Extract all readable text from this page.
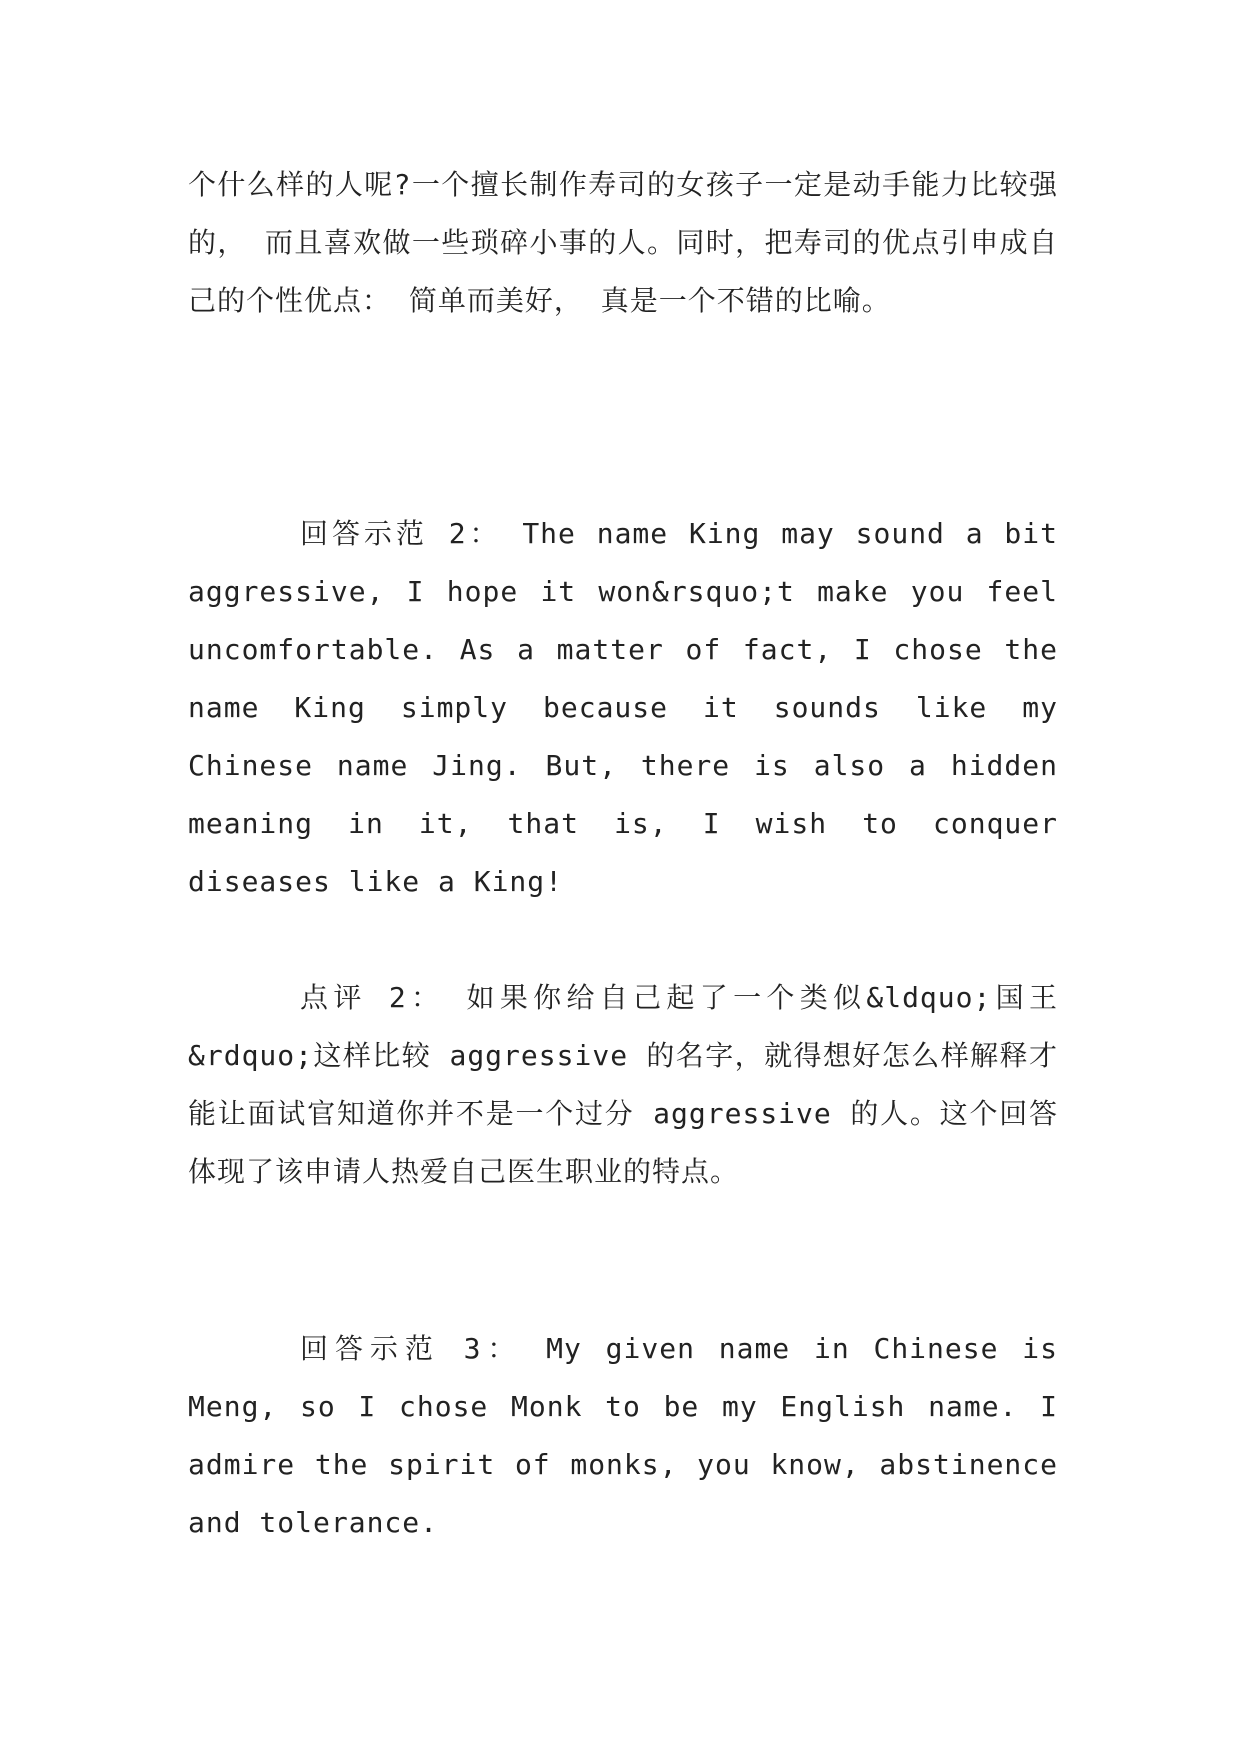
个什么样的人呢?一个擅长制作寿司的女孩子一定是动手能力比较强的， 而且喜欢做一些琐碎小事的人。同时，把寿司的优点引申成自己的个性优点： 简单而美好， 真是一个不错的比喻。

回答示范 2： The name King may sound a bit aggressive, I hope it won&rsquo;t make you feel uncomfortable. As a matter of fact, I chose the name King simply because it sounds like my Chinese name Jing. But, there is also a hidden meaning in it, that is, I wish to conquer diseases like a King!

点评 2： 如果你给自己起了一个类似&ldquo;国王&rdquo;这样比较 aggressive 的名字，就得想好怎么样解释才能让面试官知道你并不是一个过分 aggressive 的人。这个回答体现了该申请人热爱自己医生职业的特点。

回答示范 3： My given name in Chinese is Meng, so I chose Monk to be my English name. I admire the spirit of monks, you know, abstinence and tolerance.
